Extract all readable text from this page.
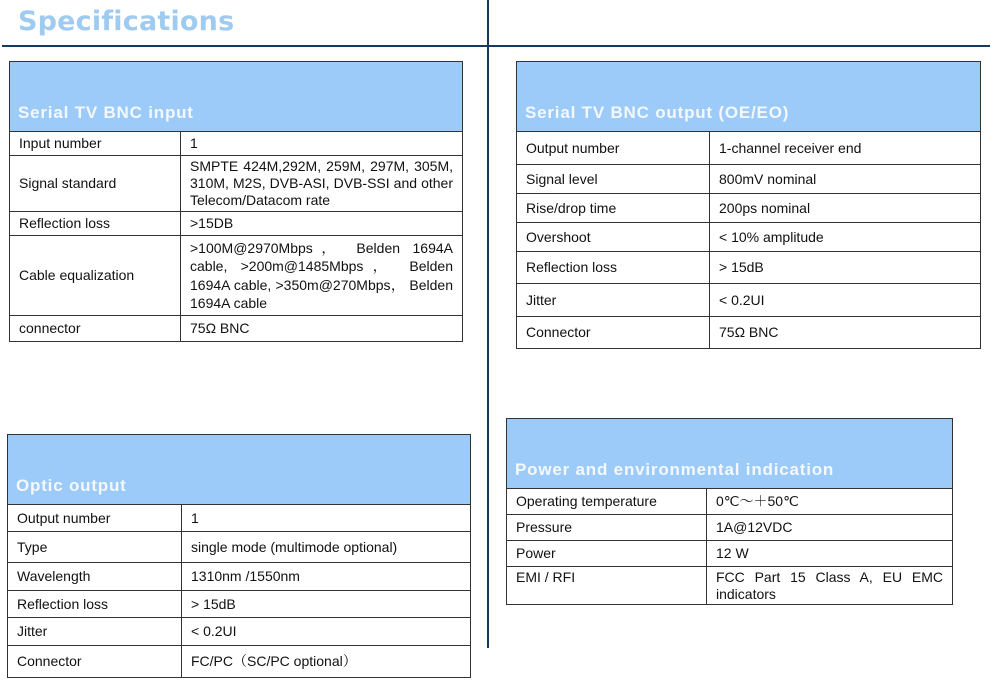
Specifications
Serial TV BNC input	
Input number	1
Signal standard	SMPTE 424M,292M, 259M, 297M, 305M, 310M, M2S, DVB-ASI, DVB-SSI and other Telecom/Datacom rate
Reflection loss	>15DB
Cable equalization	>100M@2970Mbps， Belden 1694A cable, >200m@1485Mbps， Belden 1694A cable, >350m@270Mbps， Belden 1694A cable
connector	75Ω BNC
Serial TV BNC output (OE/EO)	
Output number	1-channel receiver end
Signal level	800mV nominal
Rise/drop time	200ps nominal
Overshoot	< 10% amplitude
Reflection loss	> 15dB
Jitter	< 0.2UI
Connector	75Ω BNC
Optic output	
Output number	1
Type	single mode (multimode optional)
Wavelength	1310nm /1550nm
Reflection loss	> 15dB
Jitter	< 0.2UI
Connector	FC/PC（SC/PC optional）
Power and environmental indication	
Operating temperature	0℃～＋50℃
Pressure	1A@12VDC
Power	12 W
EMI / RFI	FCC Part 15 Class A, EU EMC indicators
